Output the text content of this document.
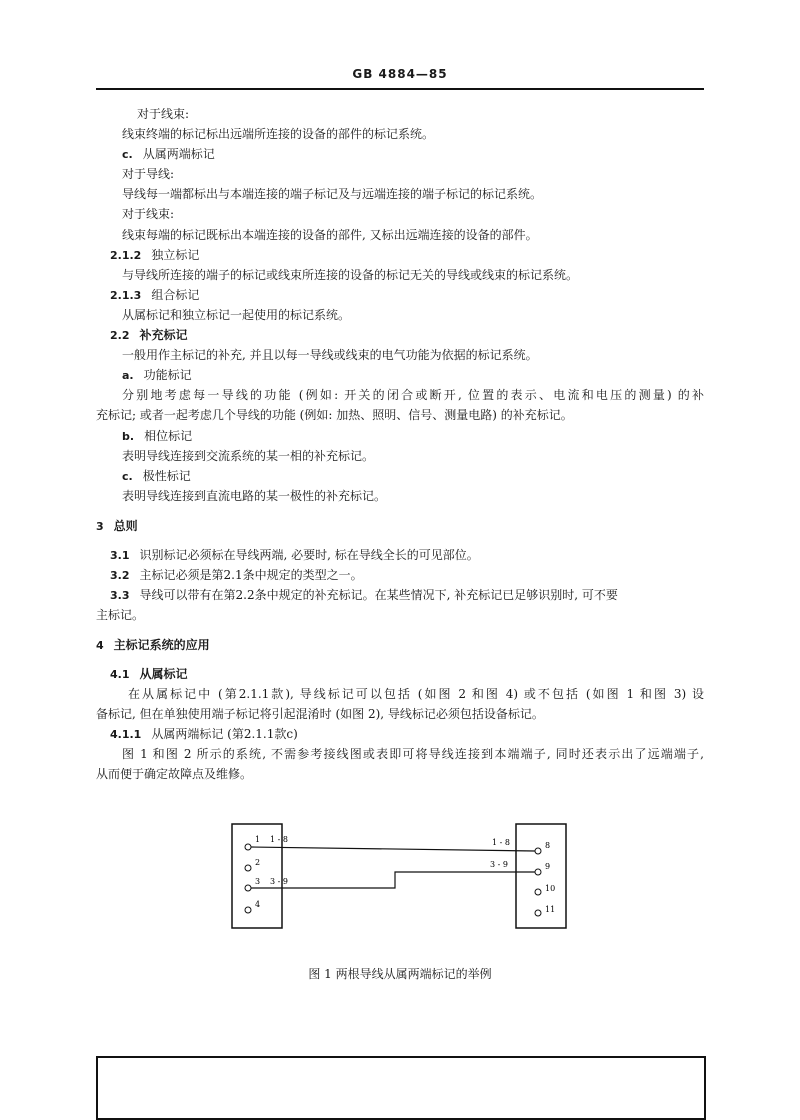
GB 4884—85
对于线束:
线束终端的标记标出远端所连接的设备的部件的标记系统。
c. 从属两端标记
对于导线:
导线每一端都标出与本端连接的端子标记及与远端连接的端子标记的标记系统。
对于线束:
线束每端的标记既标出本端连接的设备的部件, 又标出远端连接的设备的部件。
2.1.2 独立标记
与导线所连接的端子的标记或线束所连接的设备的标记无关的导线或线束的标记系统。
2.1.3 组合标记
从属标记和独立标记一起使用的标记系统。
2.2 补充标记
一般用作主标记的补充, 并且以每一导线或线束的电气功能为依据的标记系统。
a. 功能标记
分别地考虑每一导线的功能 (例如: 开关的闭合或断开, 位置的表示、电流和电压的测量) 的补
充标记; 或者一起考虑几个导线的功能 (例如: 加热、照明、信号、测量电路) 的补充标记。
b. 相位标记
表明导线连接到交流系统的某一相的补充标记。
c. 极性标记
表明导线连接到直流电路的某一极性的补充标记。
3 总则
3.1 识别标记必须标在导线两端, 必要时, 标在导线全长的可见部位。
3.2 主标记必须是第2.1条中规定的类型之一。
3.3 导线可以带有在第2.2条中规定的补充标记。在某些情况下, 补充标记已足够识别时, 可不要
主标记。
4 主标记系统的应用
4.1 从属标记
在从属标记中 (第2.1.1款), 导线标记可以包括 (如图 2 和图 4) 或不包括 (如图 1 和图 3) 设
备标记, 但在单独使用端子标记将引起混淆时 (如图 2), 导线标记必须包括设备标记。
4.1.1 从属两端标记 (第2.1.1款c)
图 1 和图 2 所示的系统, 不需参考接线图或表即可将导线连接到本端端子, 同时还表示出了远端端子,
从而便于确定故障点及维修。
1
2
3
4
8
9
10
11
1 - 8	1 - 8
3 - 9
3 - 9
图 1 两根导线从属两端标记的举例
